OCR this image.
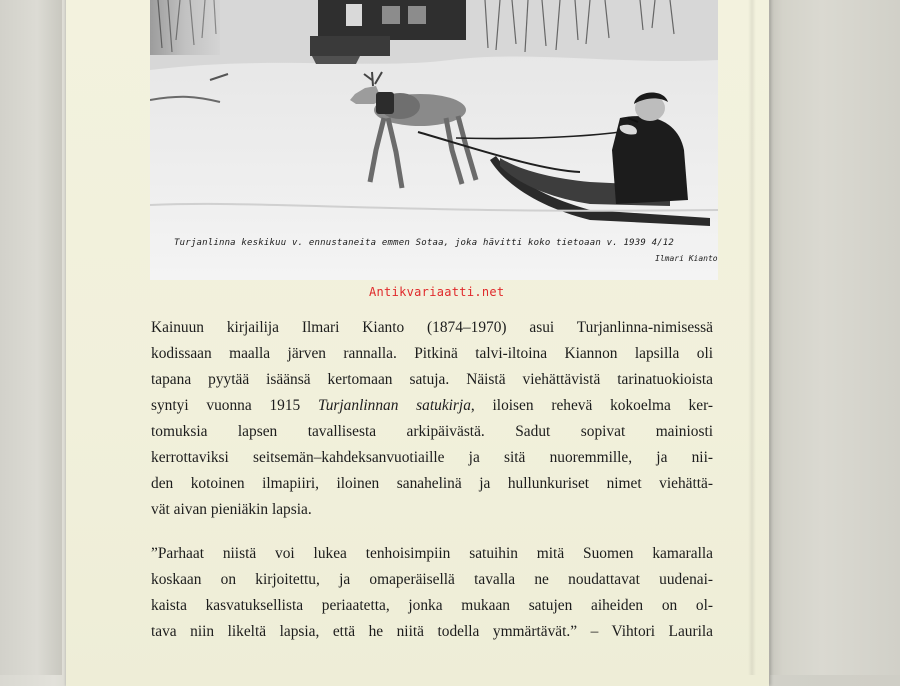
Turjanlinna keskikuu v. ennustaneita emmen Sotaa, joka hävitti koko tietoaan v. 1939 4/12
Ilmari Kianto
Antikvariaatti.net
Kainuun kirjailija Ilmari Kianto (1874–1970) asui Turjanlinna-nimisessä
kodissaan maalla järven rannalla. Pitkinä talvi-iltoina Kiannon lapsilla oli
tapana pyytää isäänsä kertomaan satuja. Näistä viehättävistä tarinatuokioista
syntyi vuonna 1915 Turjanlinnan satukirja, iloisen rehevä kokoelma ker-
tomuksia lapsen tavallisesta arkipäivästä. Sadut sopivat mainiosti
kerrottaviksi seitsemän–kahdeksanvuotiaille ja sitä nuoremmille, ja nii-
den kotoinen ilmapiiri, iloinen sanahelinä ja hullunkuriset nimet viehättä-
vät aivan pieniäkin lapsia.
”Parhaat niistä voi lukea tenhoisimpiin satuihin mitä Suomen kamaralla
koskaan on kirjoitettu, ja omaperäisellä tavalla ne noudattavat uudenai-
kaista kasvatuksellista periaatetta, jonka mukaan satujen aiheiden on ol-
tava niin likeltä lapsia, että he niitä todella ymmärtävät.” – Vihtori Laurila
